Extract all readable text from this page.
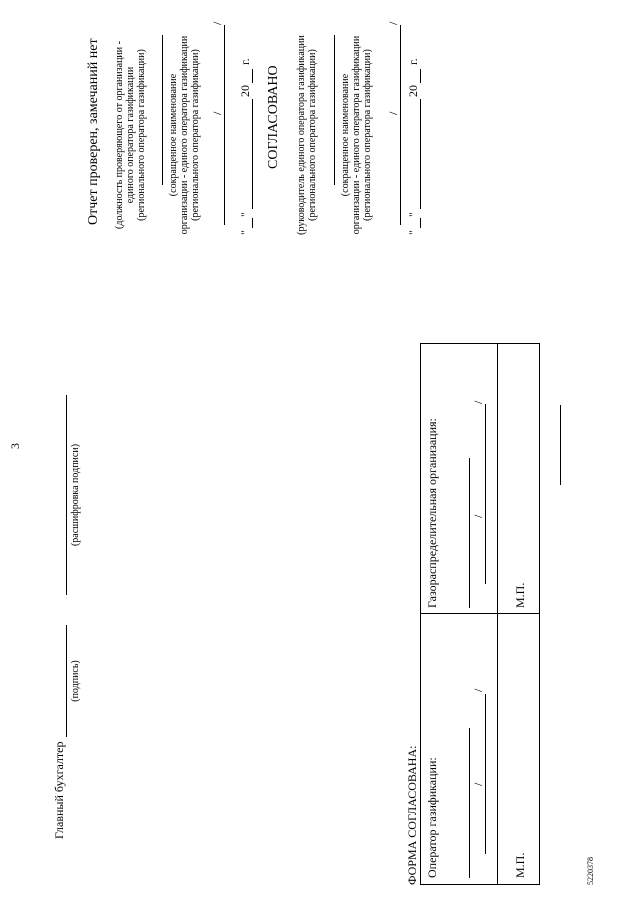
3
Главный бухгалтер
(подпись)
(расшифровка подписи)
ФОРМА СОГЛАСОВАНА: Оператор газификации:	/
/
М.П.
Газораспределительная организация:	/
/
М.П.
5220378
Отчет проверен, замечаний нет (должность проверяющего от организации - единого оператора газификации (регионального оператора газификации) (сокращенное наименование организации - единого оператора газификации (регионального оператора газификации) /
/
"
"
20
г.
СОГЛАСОВАНО (руководитель единого оператора газификации (регионального оператора газификации) (сокращенное наименование организации - единого оператора газификации (регионального оператора газификации) /
/
"
"
20
г.
